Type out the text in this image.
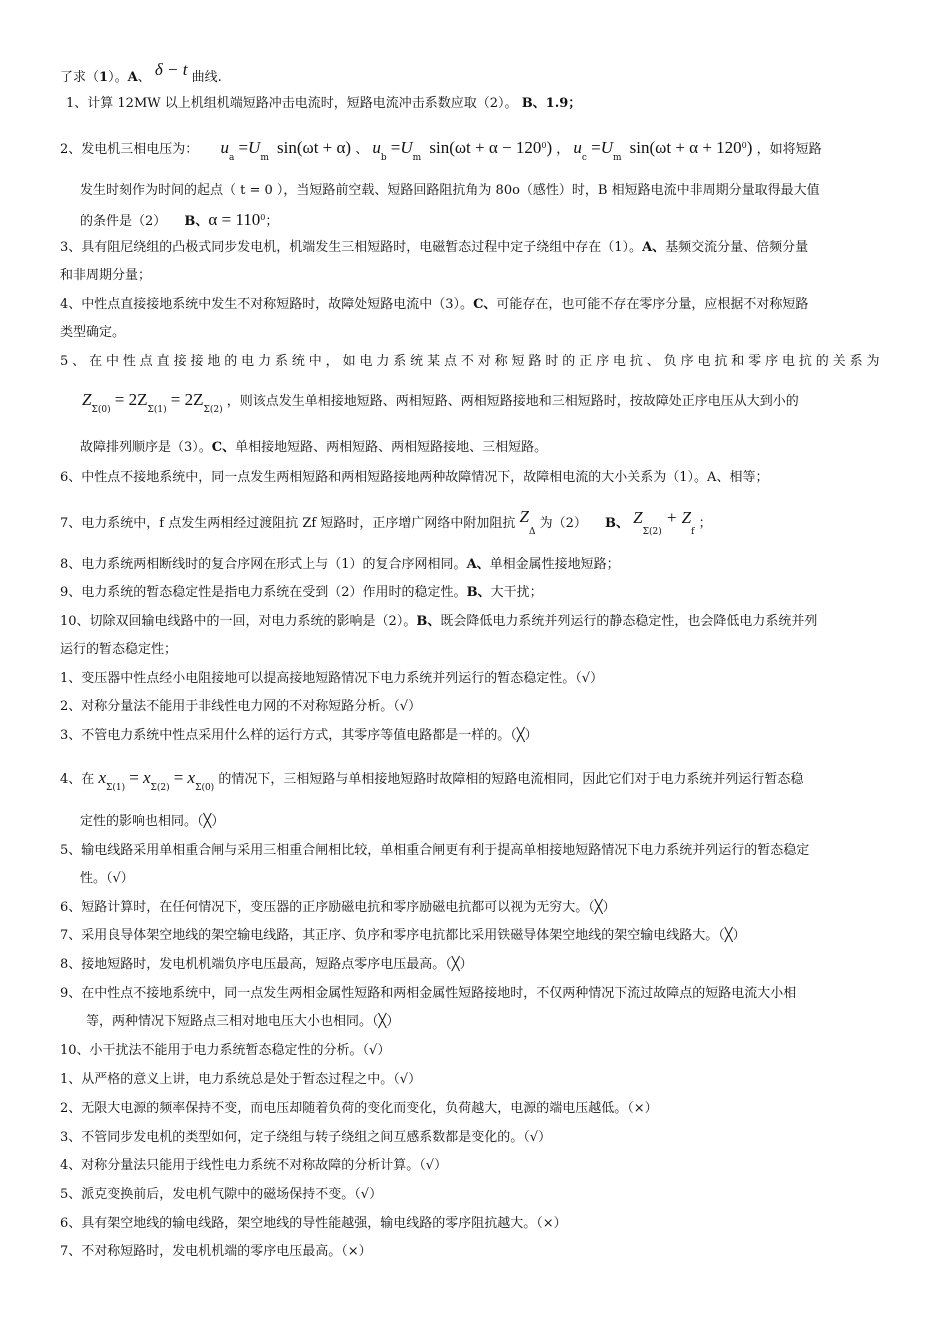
了求（1）。A、 δ − t 曲线.
1、计算 12MW 以上机组机端短路冲击电流时，短路电流冲击系数应取（2）。 B、1.9；
2、发电机三相电压为： $u_a =U_m$ sin(ωt + α) 、 $u_b =U_m$ $\sin(\omega t + \alpha - 120^0)$ ， $u_c =U_m$ $\sin(\omega t + \alpha + 120^0)$ ，如将短路
发生时刻作为时间的起点（ t = 0 ），当短路前空载、短路回路阻抗角为 80o（感性）时，B 相短路电流中非周期分量取得最大值
的条件是（2） B、$\alpha = 110^0$；
3、具有阻尼绕组的凸极式同步发电机，机端发生三相短路时，电磁暂态过程中定子绕组中存在（1）。A、基频交流分量、倍频分量
和非周期分量；
4、中性点直接接地系统中发生不对称短路时，故障处短路电流中（3）。C、可能存在，也可能不存在零序分量，应根据不对称短路
类型确定。
5、在中性点直接接地的电力系统中，如电力系统某点不对称短路时的正序电抗、负序电抗和零序电抗的关系为
$Z_{\Sigma(0)} = 2Z_{\Sigma(1)} = 2Z_{\Sigma(2)}$ ，则该点发生单相接地短路、两相短路、两相短路接地和三相短路时，按故障处正序电压从大到小的
故障排列顺序是（3）。C、单相接地短路、两相短路、两相短路接地、三相短路。
6、中性点不接地系统中，同一点发生两相短路和两相短路接地两种故障情况下，故障相电流的大小关系为（1）。A、相等；
7、电力系统中，f 点发生两相经过渡阻抗 Zf 短路时，正序增广网络中附加阻抗 $Z_\Delta$ 为（2） B、 $Z_{\Sigma(2)} + Z_f$ ；
8、电力系统两相断线时的复合序网在形式上与（1）的复合序网相同。A、单相金属性接地短路；
9、电力系统的暂态稳定性是指电力系统在受到（2）作用时的稳定性。B、大干扰；
10、切除双回输电线路中的一回，对电力系统的影响是（2）。B、既会降低电力系统并列运行的静态稳定性，也会降低电力系统并列
运行的暂态稳定性；
1、变压器中性点经小电阻接地可以提高接地短路情况下电力系统并列运行的暂态稳定性。（√）
2、对称分量法不能用于非线性电力网的不对称短路分析。（√）
3、不管电力系统中性点采用什么样的运行方式，其零序等值电路都是一样的。（╳）
4、在 $x_{\Sigma(1)} = x_{\Sigma(2)} = x_{\Sigma(0)}$ 的情况下，三相短路与单相接地短路时故障相的短路电流相同，因此它们对于电力系统并列运行暂态稳
定性的影响也相同。（╳）
5、输电线路采用单相重合闸与采用三相重合闸相比较，单相重合闸更有利于提高单相接地短路情况下电力系统并列运行的暂态稳定
性。（√）
6、短路计算时，在任何情况下，变压器的正序励磁电抗和零序励磁电抗都可以视为无穷大。（╳）
7、采用良导体架空地线的架空输电线路，其正序、负序和零序电抗都比采用铁磁导体架空地线的架空输电线路大。（╳）
8、接地短路时，发电机机端负序电压最高，短路点零序电压最高。（╳）
9、在中性点不接地系统中，同一点发生两相金属性短路和两相金属性短路接地时，不仅两种情况下流过故障点的短路电流大小相
等，两种情况下短路点三相对地电压大小也相同。（╳）
10、小干扰法不能用于电力系统暂态稳定性的分析。（√）
1、从严格的意义上讲，电力系统总是处于暂态过程之中。（√）
2、无限大电源的频率保持不变，而电压却随着负荷的变化而变化，负荷越大，电源的端电压越低。（×）
3、不管同步发电机的类型如何，定子绕组与转子绕组之间互感系数都是变化的。（√）
4、对称分量法只能用于线性电力系统不对称故障的分析计算。（√）
5、派克变换前后，发电机气隙中的磁场保持不变。（√）
6、具有架空地线的输电线路，架空地线的导性能越强，输电线路的零序阻抗越大。（×）
7、不对称短路时，发电机机端的零序电压最高。（×）
